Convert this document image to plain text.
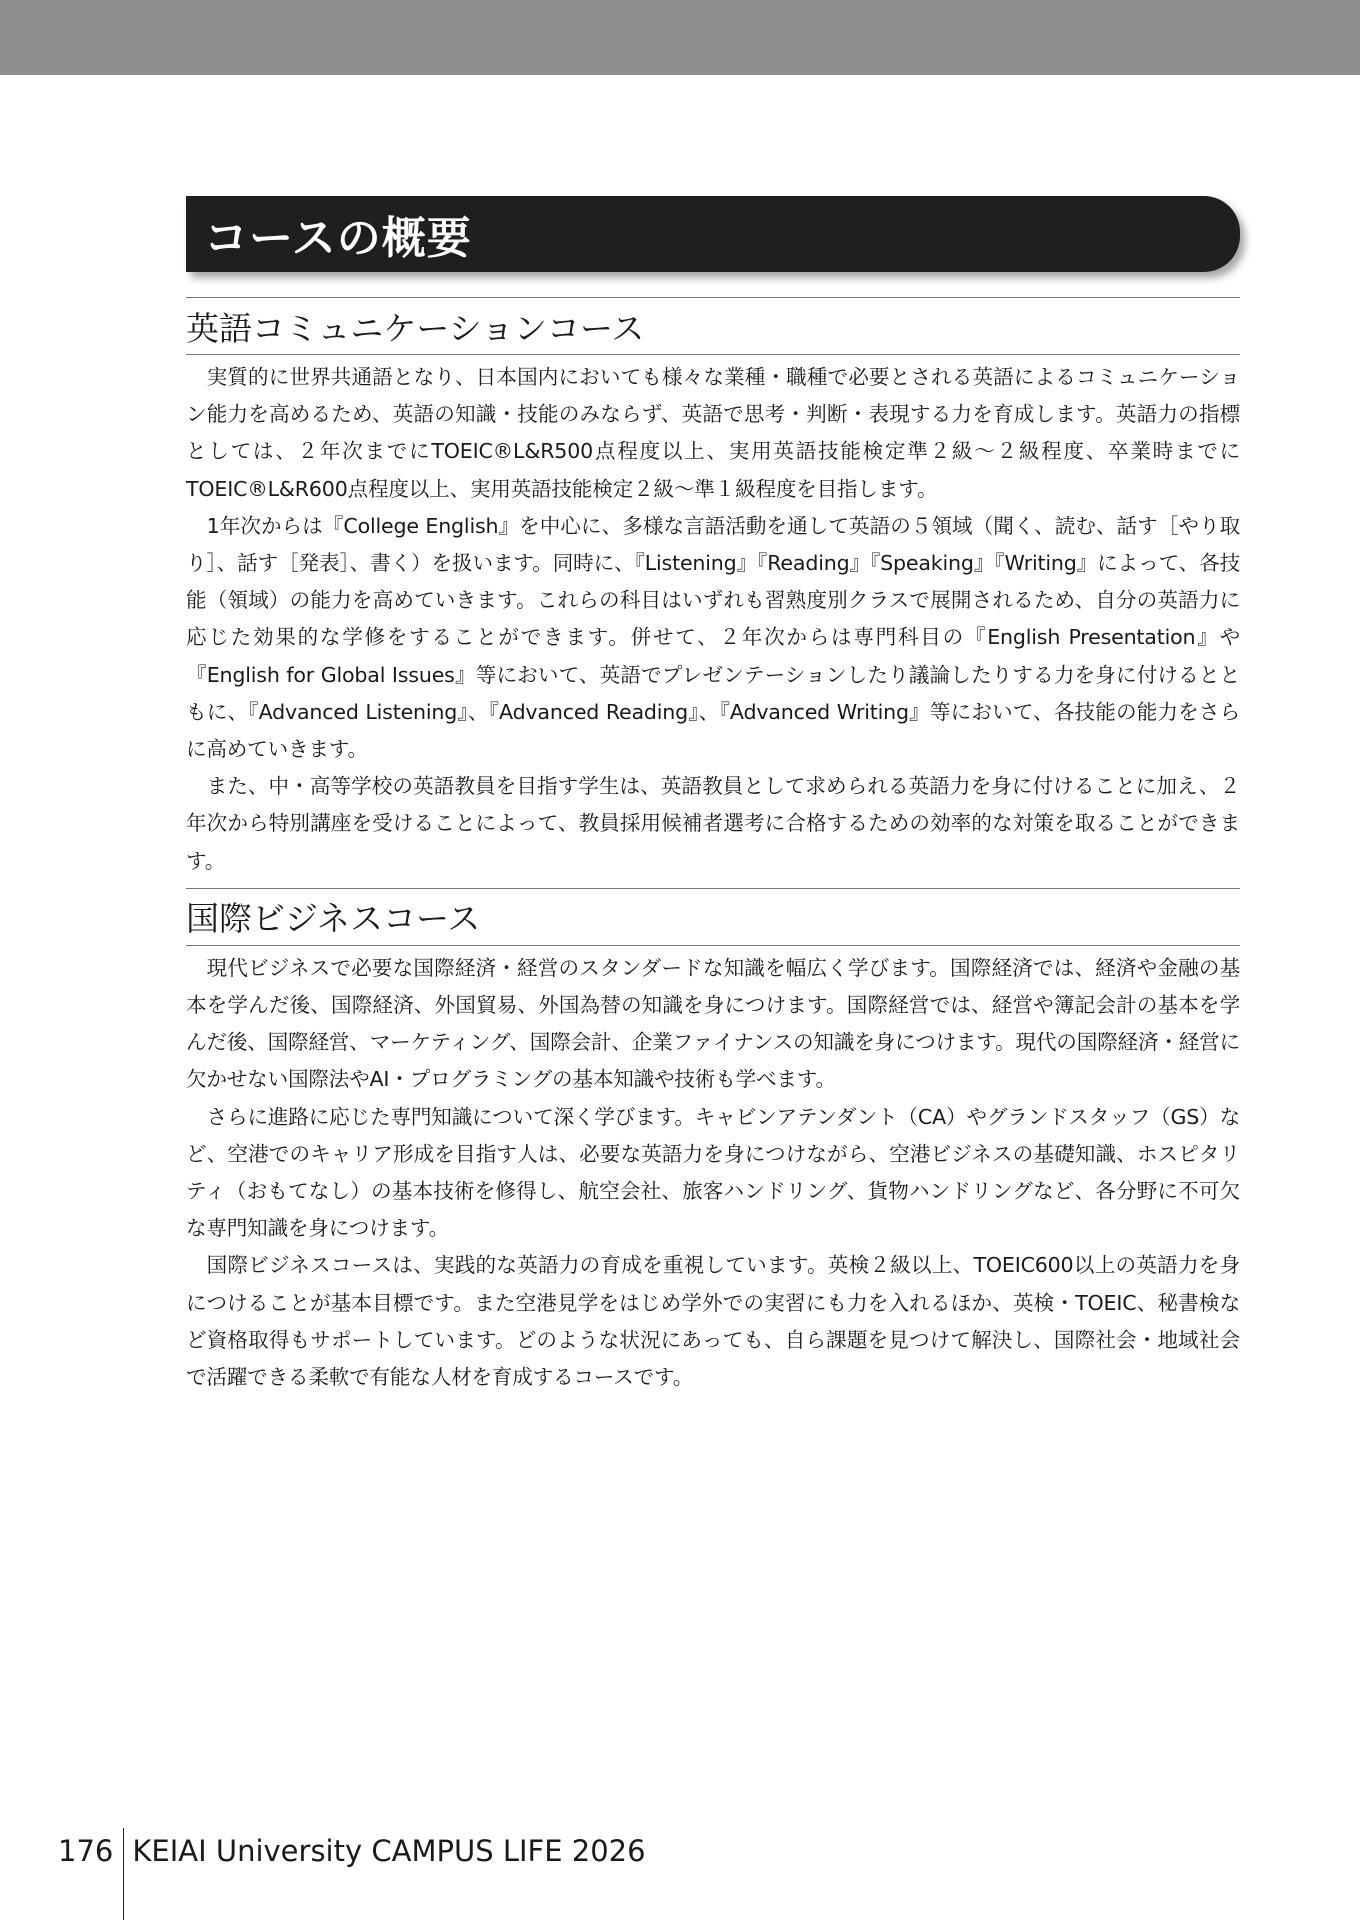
コースの概要
英語コミュニケーションコース

実質的に世界共通語となり、日本国内においても様々な業種・職種で必要とされる英語によるコミュニケーション能力を高めるため、英語の知識・技能のみならず、英語で思考・判断・表現する力を育成します。英語力の指標としては、２年次までにTOEIC®L&R500点程度以上、実用英語技能検定準２級〜２級程度、卒業時までにTOEIC®L&R600点程度以上、実用英語技能検定２級〜準１級程度を目指します。

1年次からは『College English』を中心に、多様な言語活動を通して英語の５領域（聞く、読む、話す［やり取り］、話す［発表］、書く）を扱います。同時に、『Listening』『Reading』『Speaking』『Writing』によって、各技能（領域）の能力を高めていきます。これらの科目はいずれも習熟度別クラスで展開されるため、自分の英語力に応じた効果的な学修をすることができます。併せて、２年次からは専門科目の『English Presentation』や『English for Global Issues』等において、英語でプレゼンテーションしたり議論したりする力を身に付けるとともに、『Advanced Listening』、『Advanced Reading』、『Advanced Writing』等において、各技能の能力をさらに高めていきます。

また、中・高等学校の英語教員を目指す学生は、英語教員として求められる英語力を身に付けることに加え、２年次から特別講座を受けることによって、教員採用候補者選考に合格するための効率的な対策を取ることができます。

国際ビジネスコース

現代ビジネスで必要な国際経済・経営のスタンダードな知識を幅広く学びます。国際経済では、経済や金融の基本を学んだ後、国際経済、外国貿易、外国為替の知識を身につけます。国際経営では、経営や簿記会計の基本を学んだ後、国際経営、マーケティング、国際会計、企業ファイナンスの知識を身につけます。現代の国際経済・経営に欠かせない国際法やAI・プログラミングの基本知識や技術も学べます。

さらに進路に応じた専門知識について深く学びます。キャビンアテンダント（CA）やグランドスタッフ（GS）など、空港でのキャリア形成を目指す人は、必要な英語力を身につけながら、空港ビジネスの基礎知識、ホスピタリティ（おもてなし）の基本技術を修得し、航空会社、旅客ハンドリング、貨物ハンドリングなど、各分野に不可欠な専門知識を身につけます。

国際ビジネスコースは、実践的な英語力の育成を重視しています。英検２級以上、TOEIC600以上の英語力を身につけることが基本目標です。また空港見学をはじめ学外での実習にも力を入れるほか、英検・TOEIC、秘書検など資格取得もサポートしています。どのような状況にあっても、自ら課題を見つけて解決し、国際社会・地域社会で活躍できる柔軟で有能な人材を育成するコースです。

176 KEIAI University CAMPUS LIFE 2026
